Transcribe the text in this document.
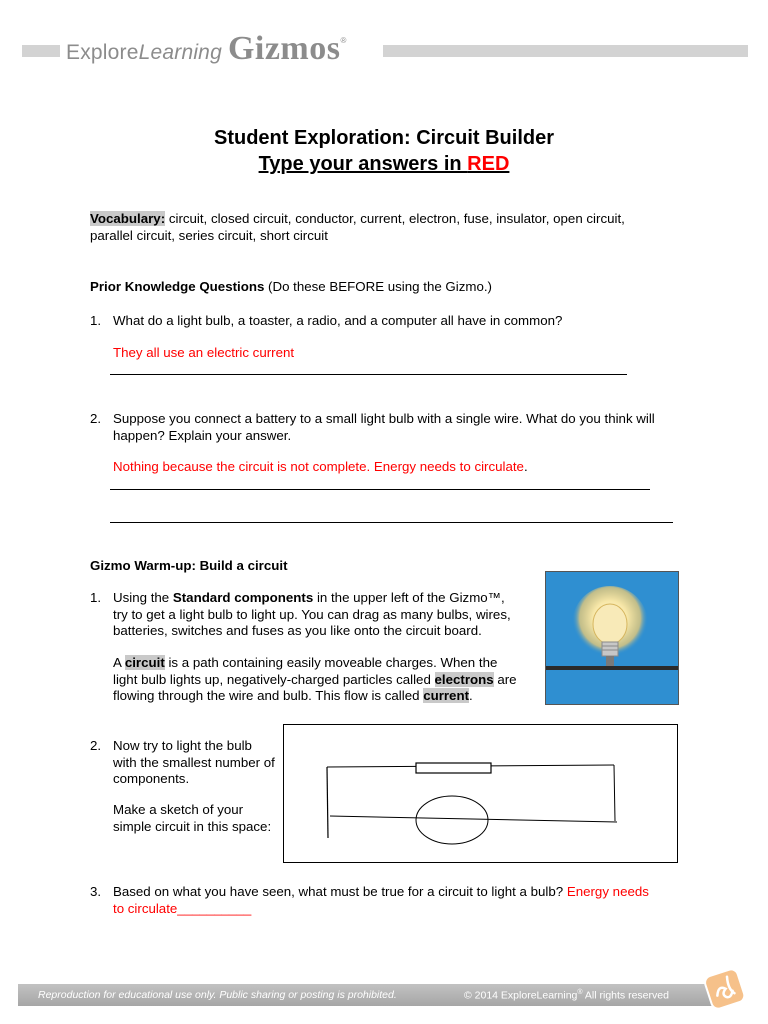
ExploreLearning Gizmos®
Student Exploration: Circuit Builder
Type your answers in RED
Vocabulary: circuit, closed circuit, conductor, current, electron, fuse, insulator, open circuit, parallel circuit, series circuit, short circuit
Prior Knowledge Questions (Do these BEFORE using the Gizmo.)
1. What do a light bulb, a toaster, a radio, and a computer all have in common?
They all use an electric current
2. Suppose you connect a battery to a small light bulb with a single wire. What do you think will happen? Explain your answer.
Nothing because the circuit is not complete. Energy needs to circulate.
Gizmo Warm-up: Build a circuit
1. Using the Standard components in the upper left of the Gizmo™, try to get a light bulb to light up. You can drag as many bulbs, wires, batteries, switches and fuses as you like onto the circuit board.
A circuit is a path containing easily moveable charges. When the light bulb lights up, negatively-charged particles called electrons are flowing through the wire and bulb. This flow is called current.
2. Now try to light the bulb with the smallest number of components.
Make a sketch of your simple circuit in this space:
3. Based on what you have seen, what must be true for a circuit to light a bulb? Energy needs
to circulate__________
Reproduction for educational use only. Public sharing or posting is prohibited.	© 2014 ExploreLearning® All rights reserved
